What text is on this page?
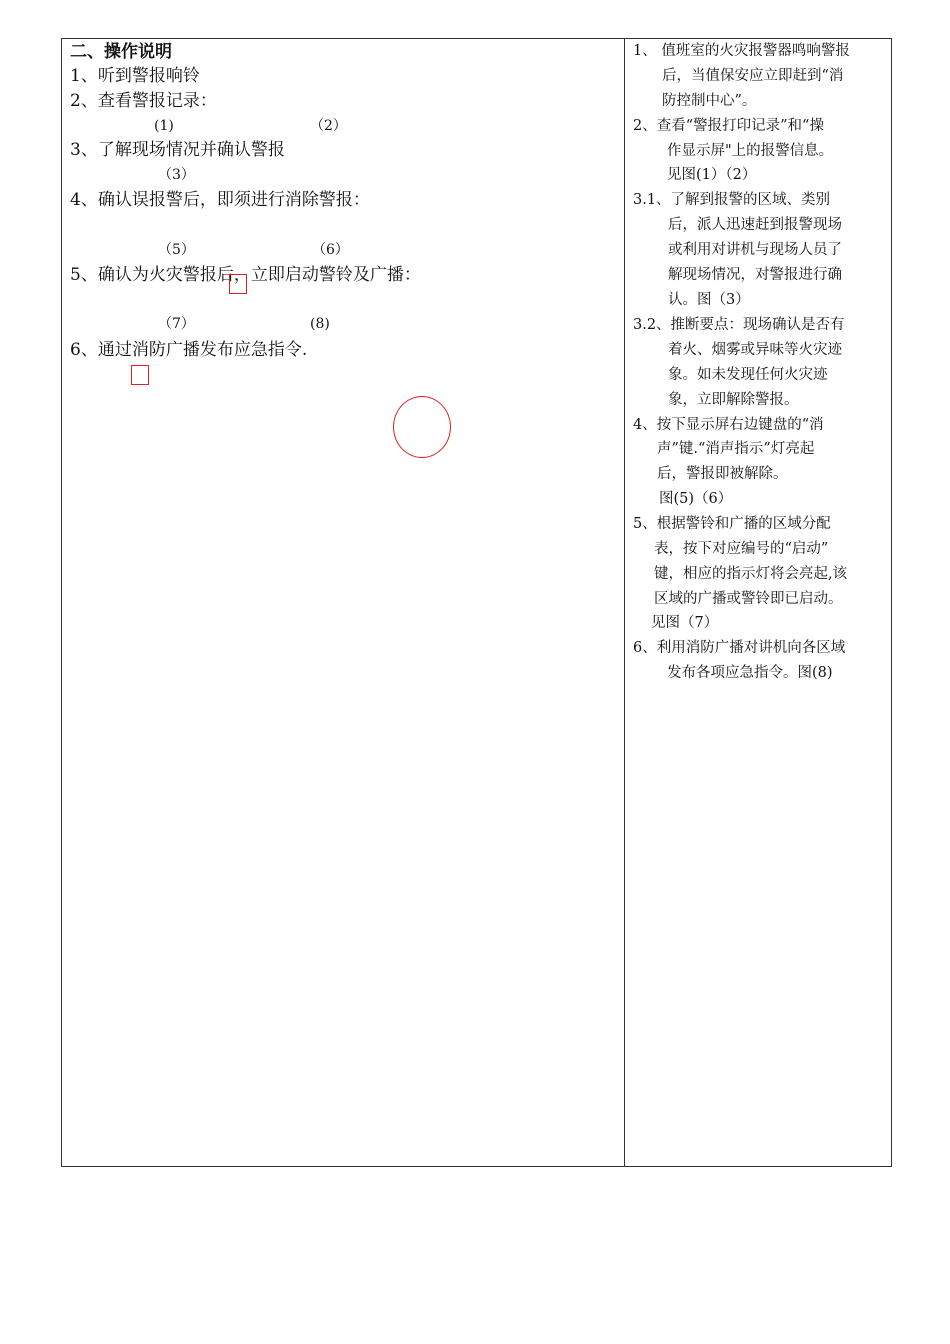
二、操作说明
1、听到警报响铃
2、查看警报记录：
(1)	（2）
3、了解现场情况并确认警报
（3）
4、确认误报警后，即须进行消除警报：
（5）	（6）
5、确认为火灾警报后，立即启动警铃及广播：
（7）	(8)
6、通过消防广播发布应急指令.
1、 值班室的火灾报警器鸣响警报
后，当值保安应立即赶到“消
防控制中心”。
2、查看“警报打印记录”和“操
作显示屏"上的报警信息。
见图(1）（2）
3.1、了解到报警的区域、类别
后，派人迅速赶到报警现场
或利用对讲机与现场人员了
解现场情况，对警报进行确
认。图（3）
3.2、推断要点：现场确认是否有
着火、烟雾或异味等火灾迹
象。如未发现任何火灾迹
象，立即解除警报。
4、按下显示屏右边键盘的“消
声”键.“消声指示”灯亮起
后，警报即被解除。
图(5)（6）
5、根据警铃和广播的区域分配
表，按下对应编号的“启动”
键，相应的指示灯将会亮起,该
区域的广播或警铃即已启动。
见图（7）
6、利用消防广播对讲机向各区域
发布各项应急指令。图(8)
